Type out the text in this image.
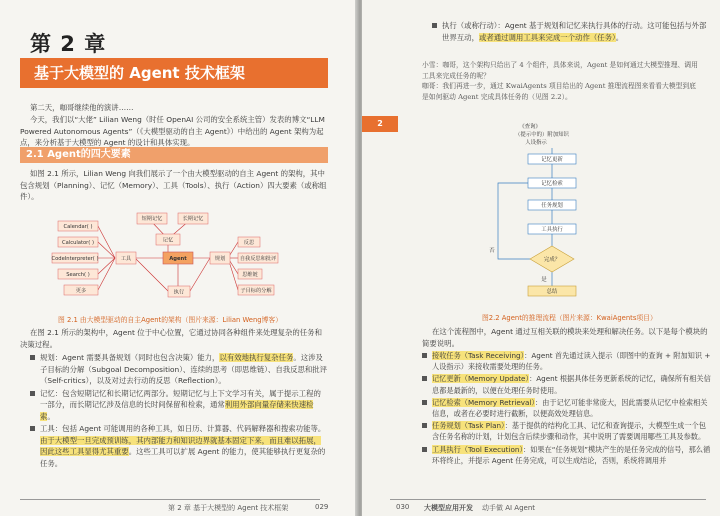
第 2 章
基于大模型的 Agent 技术框架
第二天，咖哥继续他的演讲……
今天，我们以“大佬” Lilian Weng（时任 OpenAI 公司的安全系统主管）发表的博文“LLM Powered Autonomous Agents”（《大模型驱动的自主 Agent》）中给出的 Agent 架构为起点，来分析基于大模型的 Agent 的设计和具体实现。
2.1 Agent的四大要素
如图 2.1 所示，Lilian Weng 向我们展示了一个由大模型驱动的自主 Agent 的架构，其中包含规划（Planning）、记忆（Memory）、工具（Tools）、执行（Action）四大要素（或称组件）。
短期记忆	长期记忆
记忆
Agent
工具	规划
执行
Calendar( )
Calculator( )
CodeInterpreter( )
Search( )
更多
反思
自我反思和批评
思维链
子目标的分解
图 2.1 由大模型驱动的自主Agent的架构（图片来源：Lilian Weng博客）
在图 2.1 所示的架构中，Agent 位于中心位置，它通过协同各种组件来处理复杂的任务和决策过程。
规划：Agent 需要具备规划（同时也包含决策）能力，以有效地执行复杂任务。这涉及子目标的分解（Subgoal Decomposition）、连续的思考（即思维链）、自我反思和批评（Self-critics），以及对过去行动的反思（Reflection）。
记忆：包含短期记忆和长期记忆两部分。短期记忆与上下文学习有关，属于提示工程的一部分，而长期记忆涉及信息的长时间保留和检索，通常利用外部向量存储来快速检索。
工具：包括 Agent 可能调用的各种工具，如日历、计算器、代码解释器和搜索功能等。由于大模型一旦完成预训练，其内部能力和知识边界就基本固定下来，而且难以拓展，因此这些工具显得尤其重要。这些工具可以扩展 Agent 的能力，使其能够执行更复杂的任务。
第 2 章 基于大模型的 Agent 技术框架	029
执行（或称行动）：Agent 基于规划和记忆来执行具体的行动。这可能包括与外部世界互动，或者通过调用工具来完成一个动作（任务）。
小雪：咖哥，这个架构只给出了 4 个组件，具体来说，Agent 是如何通过大模型推理、调用工具来完成任务的呢？
咖哥：我们再进一步，通过 KwaiAgents 项目给出的 Agent 推理流程图来看看大模型到底是如何驱动 Agent 完成具体任务的（见图 2.2）。
2	《查询》
（提示中的）附加知识
人设指示
记忆更新
记忆检索
任务规划
工具执行
完成？
否
是
总结
图2.2 Agent的推理流程（图片来源：KwaiAgents项目）
在这个流程图中，Agent 通过互相关联的模块来处理和解决任务。以下是每个模块的简要说明。
接收任务（Task Receiving）：Agent 首先通过读入提示（即图中的查询 + 附加知识 + 人设指示）来接收需要处理的任务。
记忆更新（Memory Update）：Agent 根据具体任务更新系统的记忆，确保所有相关信息都是最新的，以便在处理任务时使用。
记忆检索（Memory Retrieval）：由于记忆可能非常庞大，因此需要从记忆中检索相关信息，或者在必要时进行截断，以便高效处理信息。
任务规划（Task Plan）：基于提供的结构化工具、记忆和查询提示，大模型生成一个包含任务名称的计划，计划包含后续步骤和动作，其中说明了需要调用哪些工具及参数。
工具执行（Tool Execution）：如果在“任务规划”模块产生的是任务完成的信号，那么循环将终止，并提示 Agent 任务完成，可以生成结论，否则，系统将调用并
030 大模型应用开发 动手做 AI Agent
